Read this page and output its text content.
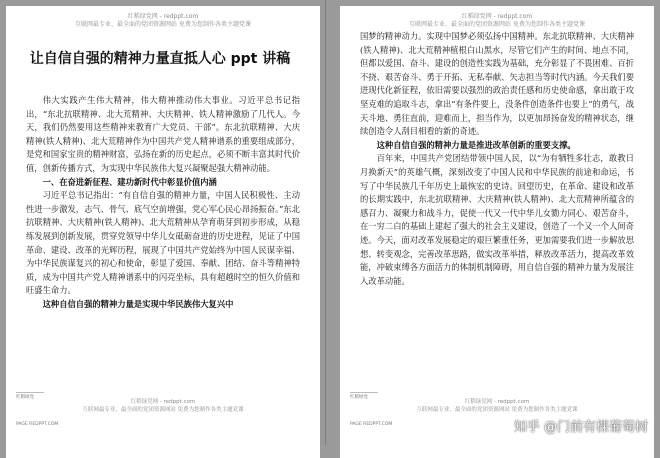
红稻绿党网 - redppt.com
互联网最专业、最全面的党团资源网站 免费为您制作各类主题党课
让自信自强的精神力量直抵人心 ppt 讲稿

伟大实践产生伟大精神，伟大精神推动伟大事业。习近平总书记指出，“东北抗联精神、北大荒精神、大庆精神、铁人精神激励了几代人。今天，我们仍然要用这些精神来教育广大党员、干部”。东北抗联精神、大庆精神(铁人精神)、北大荒精神作为中国共产党人精神谱系的重要组成部分，是党和国家宝贵的精神财富，弘扬在新的历史起点，必须不断丰富其时代价值，创新传播方式，为实现中华民族伟大复兴凝聚起强大精神动能。

一、在奋进新征程、建功新时代中彰显价值内涵

习近平总书记指出：“有自信自强的精神力量，中国人民积极性、主动性进一步激发，志气、骨气、底气空前增强，党心军心民心昂扬振奋。”东北抗联精神、大庆精神(铁人精神)、北大荒精神从孕育萌芽到初步形成，从稳练发展到创新发展，贯穿党领导中华儿女砥砺奋进的历史进程，见证了中国革命、建设、改革的光辉历程，展现了中国共产党始终为中国人民谋幸福、为中华民族谋复兴的初心和使命，彰显了爱国、奉献、团结、奋斗等精神特质，成为中国共产党人精神谱系中的闪亮坐标，具有超越时空的恒久价值和旺盛生命力。

这种自信自强的精神力量是实现中华民族伟大复兴中

红稻绿党
红稻绿党网 - redppt.com
互联网最专业、最全面的党团资源网站 免费为您制作各类主题党课
PAGE REDPPT.COM
红稻绿党网 - redppt.com
互联网最专业、最全面的党团资源网站 免费为您制作各类主题党课

国梦的精神动力。实现中国梦必须弘扬中国精神。东北抗联精神、大庆精神(铁人精神)、北大荒精神植根白山黑水，尽管它们产生的时间、地点不同，但都以爱国、奋斗、建设的创造性实践为基础，充分彰显了不畏困难、百折不挠、艰苦奋斗、勇于开拓、无私奉献、矢志担当等时代内涵。今天我们要进现代化新征程，依旧需要以强烈的政治责任感和历史使命感，拿出敢于攻坚克难的追取斗志，拿出“有条件要上，没条件创造条件也要上”的勇气，战天斗地、勇往直前，迎难而上，担当作为，以更加昂扬奋发的精神状态，继续创造令人刮目相看的新的奇迹。

这种自信自强的精神力量是推进改革创新的重要支撑。

百年来，中国共产党团结带领中国人民，以“为有牺牲多壮志，敢教日月换新天”的英雄气概，深刻改变了中国人民和中华民族的前途和命运，书写了中华民族几千年历史上最恢宏的史诗。回望历史，在革命、建设和改革的长期实践中，东北抗联精神、大庆精神(铁人精神)、北大荒精神所蕴含的感召力、凝聚力和战斗力，促使一代又一代中华儿女勠力同心、艰苦奋斗，在一穷二白的基础上建起了强大的社会主义建设，创造了一个又一个人间奇迹。今天，面对改革发展稳定的艰巨繁重任务，更加需要我们进一步解放思想、转变观念，完善改革思路，做实改革举措，释放改革活力，提高改革效能，冲破束缚各方面活力的体制机制障碍，用自信自强的精神力量为发展注入改革动能。

红稻绿党
红稻绿党网 - redppt.com
互联网最专业、最全面的党团资源网站 免费为您制作各类主题党课
PAGE REDPPT.COM	知乎 @门前有棵葡萄树
